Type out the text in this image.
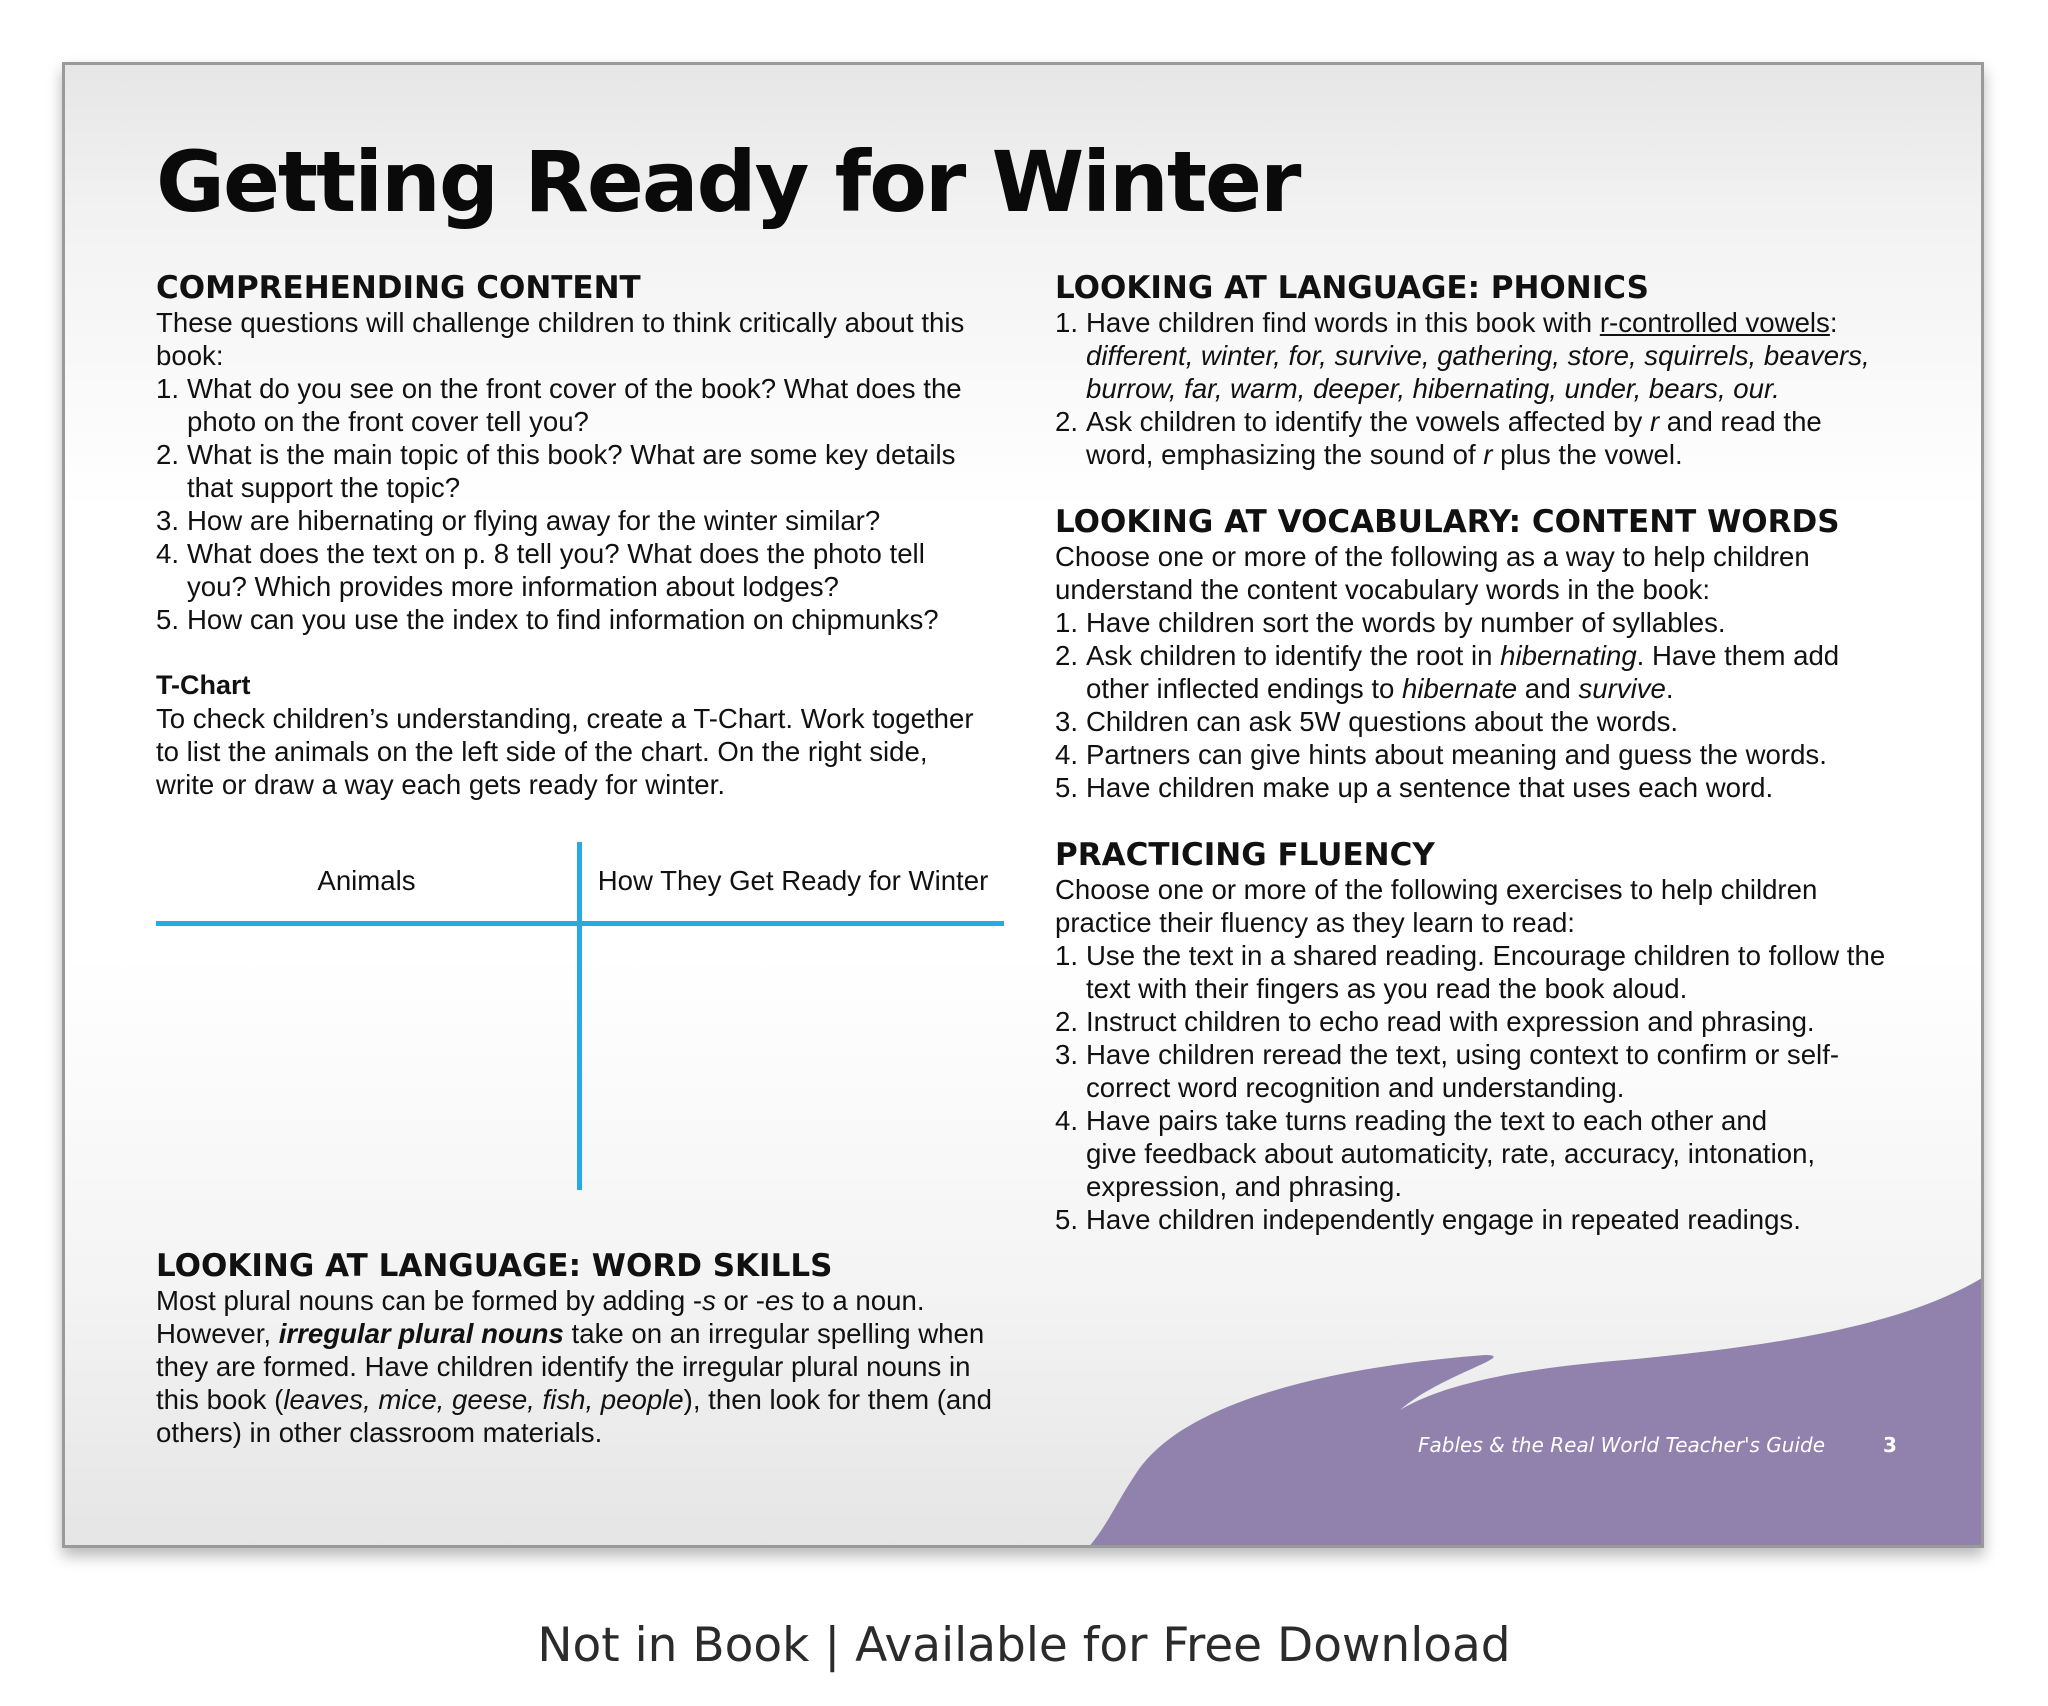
Getting Ready for Winter
COMPREHENDING CONTENT

These questions will challenge children to think critically about this
book:

1. What do you see on the front cover of the book? What does the
photo on the front cover tell you?
2. What is the main topic of this book? What are some key details
that support the topic?
3. How are hibernating or flying away for the winter similar?
4. What does the text on p. 8 tell you? What does the photo tell
you? Which provides more information about lodges?
5. How can you use the index to find information on chipmunks?
T-Chart

To check children’s understanding, create a T-Chart. Work together
to list the animals on the left side of the chart. On the right side,
write or draw a way each gets ready for winter.

Animals	How They Get Ready for Winter
LOOKING AT LANGUAGE: WORD SKILLS

Most plural nouns can be formed by adding -s or -es to a noun.
However, irregular plural nouns take on an irregular spelling when
they are formed. Have children identify the irregular plural nouns in
this book (leaves, mice, geese, fish, people), then look for them (and
others) in other classroom materials.

LOOKING AT LANGUAGE: PHONICS
1. Have children find words in this book with r-controlled vowels:
different, winter, for, survive, gathering, store, squirrels, beavers,
burrow, far, warm, deeper, hibernating, under, bears, our.
2. Ask children to identify the vowels affected by r and read the
word, emphasizing the sound of r plus the vowel.
LOOKING AT VOCABULARY: CONTENT WORDS

Choose one or more of the following as a way to help children
understand the content vocabulary words in the book:

1. Have children sort the words by number of syllables.
2. Ask children to identify the root in hibernating. Have them add
other inflected endings to hibernate and survive.
3. Children can ask 5W questions about the words.
4. Partners can give hints about meaning and guess the words.
5. Have children make up a sentence that uses each word.
PRACTICING FLUENCY

Choose one or more of the following exercises to help children
practice their fluency as they learn to read:

1. Use the text in a shared reading. Encourage children to follow the
text with their fingers as you read the book aloud.
2. Instruct children to echo read with expression and phrasing.
3. Have children reread the text, using context to confirm or self-
correct word recognition and understanding.
4. Have pairs take turns reading the text to each other and
give feedback about automaticity, rate, accuracy, intonation,
expression, and phrasing.
5. Have children independently engage in repeated readings.
Fables & the Real World Teacher's Guide	3
Not in Book | Available for Free Download
